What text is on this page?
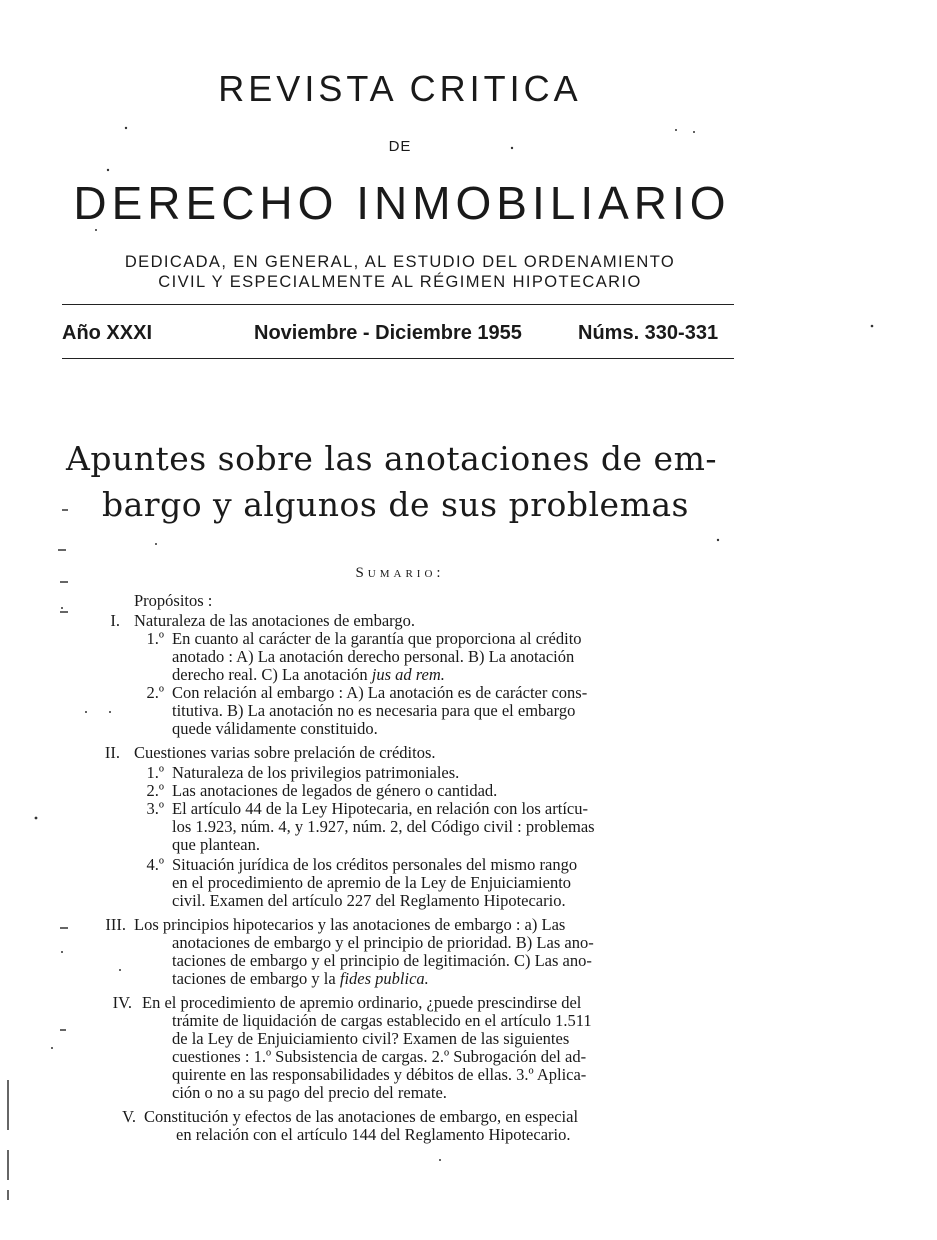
REVISTA CRITICA
DE
DERECHO INMOBILIARIO
DEDICADA, EN GENERAL, AL ESTUDIO DEL ORDENAMIENTO
CIVIL Y ESPECIALMENTE AL RÉGIMEN HIPOTECARIO
Año XXXI	Noviembre - Diciembre 1955	Núms. 330-331
Apuntes sobre las anotaciones de em-
bargo y algunos de sus problemas
Sumario:
Propósitos :
I. Naturaleza de las anotaciones de embargo.
1.º En cuanto al carácter de la garantía que proporciona al crédito
anotado : A) La anotación derecho personal. B) La anotación
derecho real. C) La anotación jus ad rem.
2.º Con relación al embargo : A) La anotación es de carácter cons-
titutiva. B) La anotación no es necesaria para que el embargo
quede válidamente constituido.
II. Cuestiones varias sobre prelación de créditos.
1.º Naturaleza de los privilegios patrimoniales.
2.º Las anotaciones de legados de género o cantidad.
3.º El artículo 44 de la Ley Hipotecaria, en relación con los artícu-
los 1.923, núm. 4, y 1.927, núm. 2, del Código civil : problemas
que plantean.
4.º Situación jurídica de los créditos personales del mismo rango
en el procedimiento de apremio de la Ley de Enjuiciamiento
civil. Examen del artículo 227 del Reglamento Hipotecario.
III. Los principios hipotecarios y las anotaciones de embargo : a) Las
anotaciones de embargo y el principio de prioridad. B) Las ano-
taciones de embargo y el principio de legitimación. C) Las ano-
taciones de embargo y la fides publica.
IV. En el procedimiento de apremio ordinario, ¿puede prescindirse del
trámite de liquidación de cargas establecido en el artículo 1.511
de la Ley de Enjuiciamiento civil? Examen de las siguientes
cuestiones : 1.º Subsistencia de cargas. 2.º Subrogación del ad-
quirente en las responsabilidades y débitos de ellas. 3.º Aplica-
ción o no a su pago del precio del remate.
V. Constitución y efectos de las anotaciones de embargo, en especial
en relación con el artículo 144 del Reglamento Hipotecario.
